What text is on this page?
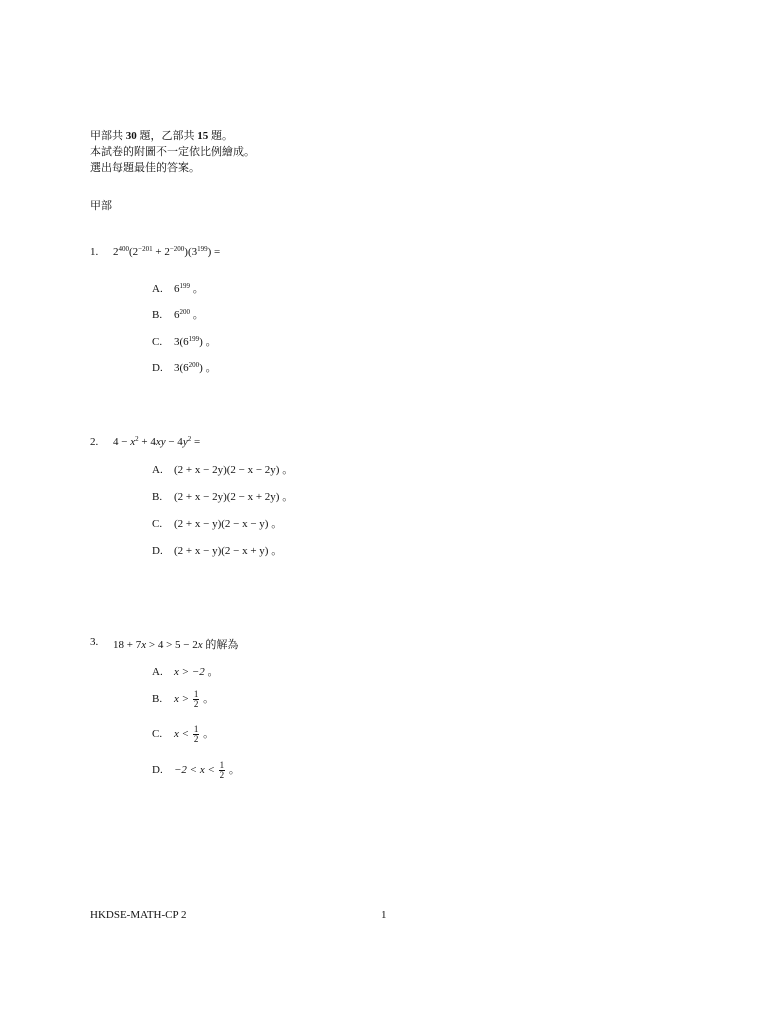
甲部共 30 題，乙部共 15 題。
本試卷的附圖不一定依比例繪成。
選出每題最佳的答案。
甲部
1. $2^{400}(2^{-201} + 2^{-200})(3^{199})$ =
A. $6^{199}$ 。
B. $6^{200}$ 。
C. $3(6^{199})$ 。
D. $3(6^{200})$ 。
2. $4 - x^2 + 4xy - 4y^2$ =
A. (2 + x − 2y)(2 − x − 2y) 。
B. (2 + x − 2y)(2 − x + 2y) 。
C. (2 + x − y)(2 − x − y) 。
D. (2 + x − y)(2 − x + y) 。
3. 18 + 7x > 4 > 5 − 2x 的解為
A. x > −2 。
B. $x > \frac{1}{2}$ 。
C. $x < \frac{1}{2}$ 。
D. $-2 < x < \frac{1}{2}$ 。
HKDSE-MATH-CP 2	1
